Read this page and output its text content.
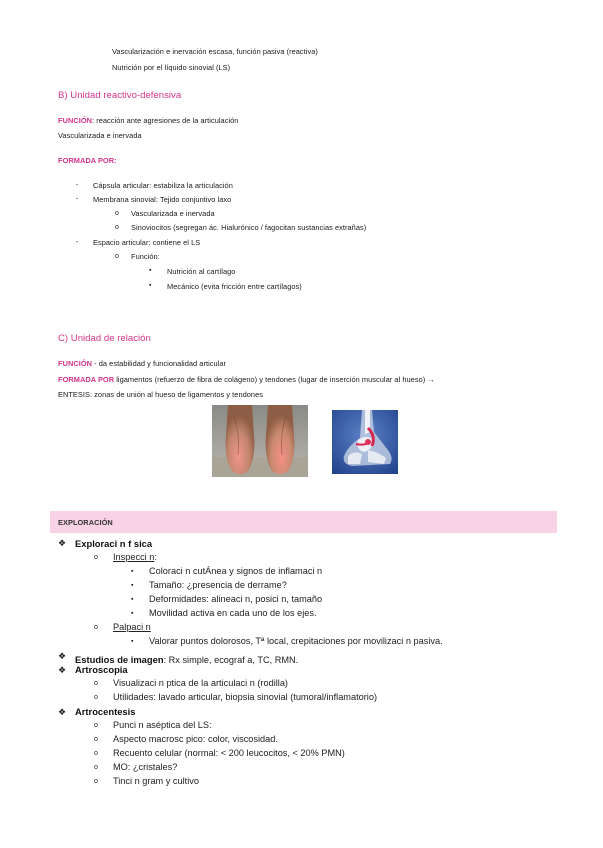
Vascularización e inervación escasa, función pasiva (reactiva)
Nutrición por el líquido sinovial (LS)
B) Unidad reactivo-defensiva
FUNCIÓN: reacción ante agresiones de la articulación
Vascularizada e inervada
FORMADA POR:
- Cápsula articular: estabiliza la articulación
- Membrana sinovial: Tejido conjuntivo laxo
o Vascularizada e inervada
o Sinoviocitos (segregan ác. Hialurónico / fagocitan sustancias extrañas)
- Espacio articular: contiene el LS
o Función:
▪ Nutrición al cartílago
▪ Mecánico (evita fricción entre cartílagos)
C) Unidad de relación
FUNCIÓN - da estabilidad y funcionalidad articular
FORMADA POR ligamentos (refuerzo de fibra de colágeno) y tendones (lugar de inserción muscular al hueso) →
ENTESIS: zonas de unión al hueso de ligamentos y tendones
EXPLORACIÓN
❖ Exploraci n f sica
o Inspecci n:
▪ Coloraci n cutÁnea y signos de inflamaci n
▪ Tamaño: ¿presencia de derrame?
▪ Deformidades: alineaci n, posici n, tamaño
▪ Movilidad activa en cada uno de los ejes.
o Palpaci n
▪ Valorar puntos dolorosos, Tª local, crepitaciones por movilizaci n pasiva.
❖ Estudios de imagen: Rx simple, ecograf a, TC, RMN.
❖ Artroscopia
o Visualizaci n ptica de la articulaci n (rodilla)
o Utilidades: lavado articular, biopsia sinovial (tumoral/inflamatorio)
❖ Artrocentesis
o Punci n aséptica del LS:
o Aspecto macrosc pico: color, viscosidad.
o Recuento celular (normal: < 200 leucocitos, < 20% PMN)
o MO: ¿cristales?
o Tinci n gram y cultivo
